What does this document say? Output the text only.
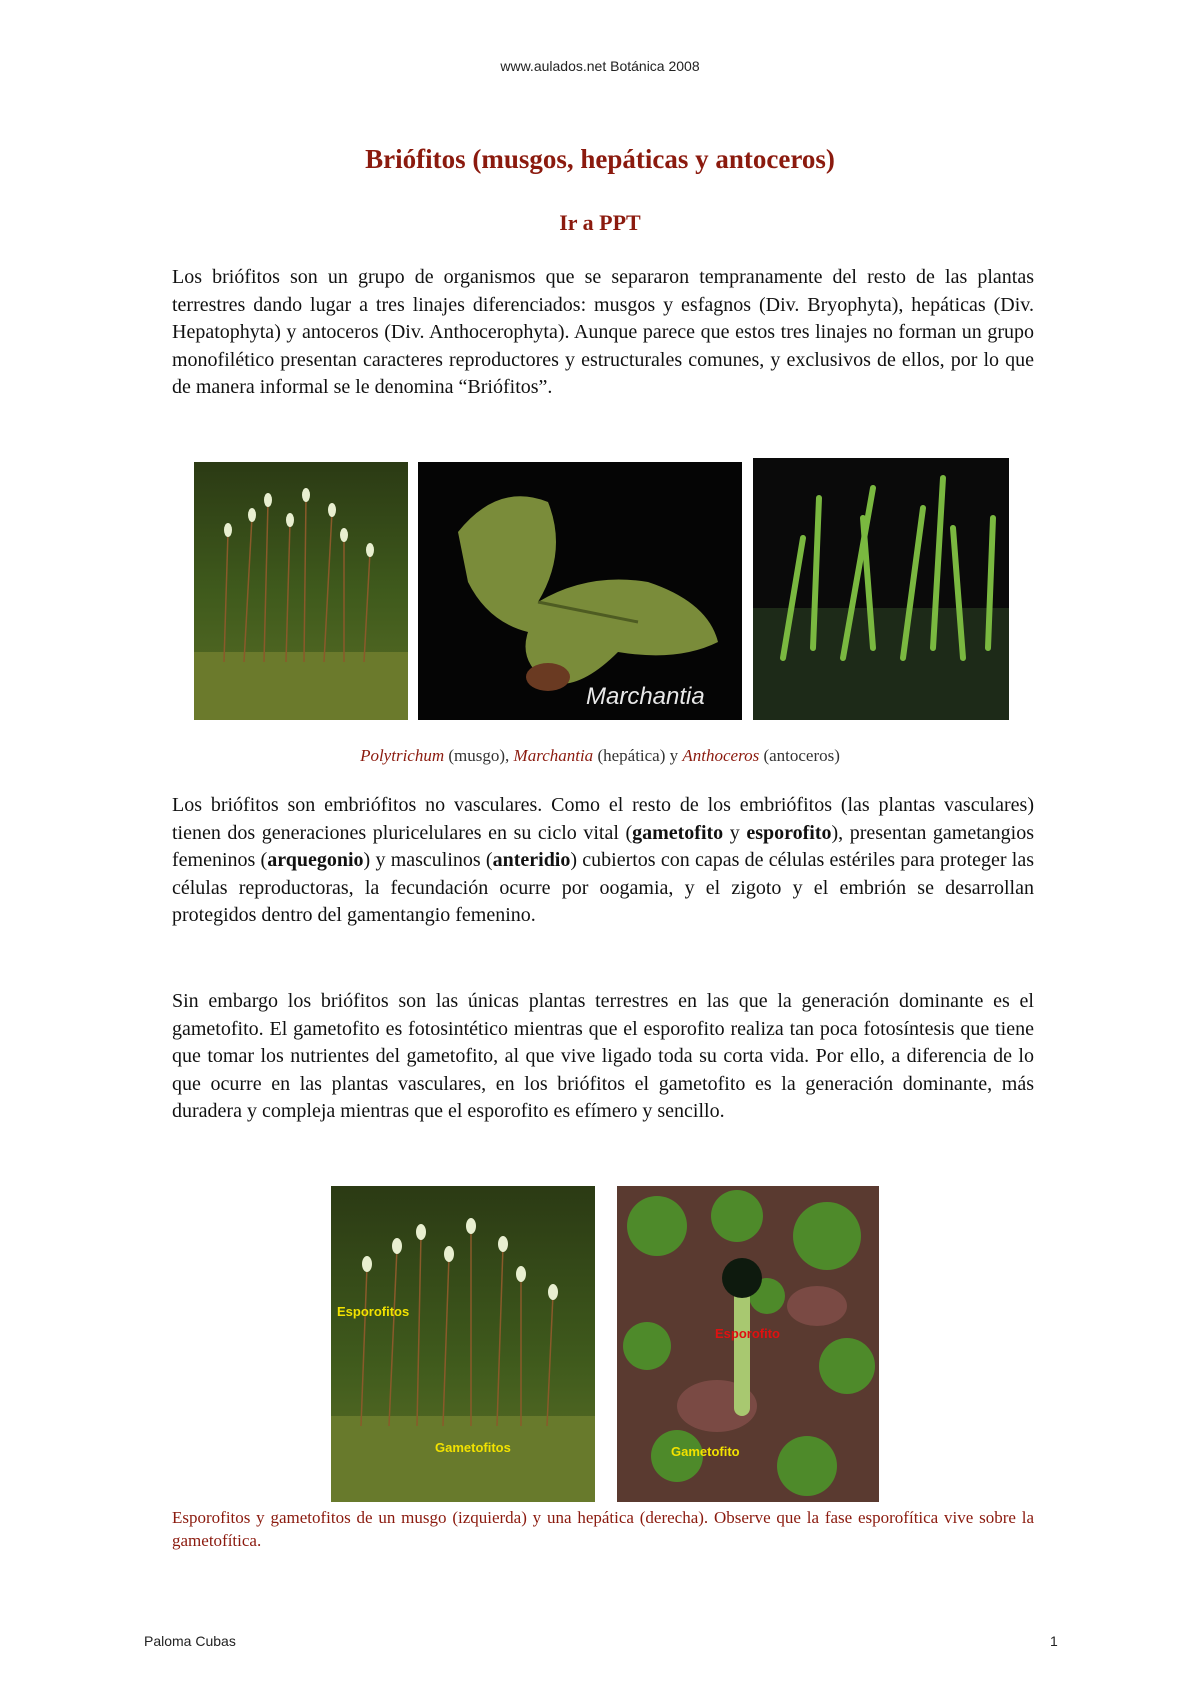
www.aulados.net Botánica 2008
Briófitos (musgos, hepáticas y antoceros)
Ir a PPT

Los briófitos son un grupo de organismos que se separaron tempranamente del resto de las plantas terrestres dando lugar a tres linajes diferenciados: musgos y esfagnos (Div. Bryophyta), hepáticas (Div. Hepatophyta) y antoceros (Div. Anthocerophyta). Aunque parece que estos tres linajes no forman un grupo monofilético presentan caracteres reproductores y estructurales comunes, y exclusivos de ellos, por lo que de manera informal se le denomina “Briófitos”.

Marchantia
Polytrichum (musgo), Marchantia (hepática) y Anthoceros (antoceros)

Los briófitos son embriófitos no vasculares. Como el resto de los embriófitos (las plantas vasculares) tienen dos generaciones pluricelulares en su ciclo vital (gametofito y esporofito), presentan gametangios femeninos (arquegonio) y masculinos (anteridio) cubiertos con capas de células estériles para proteger las células reproductoras, la fecundación ocurre por oogamia, y el zigoto y el embrión se desarrollan protegidos dentro del gamentangio femenino.

Sin embargo los briófitos son las únicas plantas terrestres en las que la generación dominante es el gametofito. El gametofito es fotosintético mientras que el esporofito realiza tan poca fotosíntesis que tiene que tomar los nutrientes del gametofito, al que vive ligado toda su corta vida. Por ello, a diferencia de lo que ocurre en las plantas vasculares, en los briófitos el gametofito es la generación dominante, más duradera y compleja mientras que el esporofito es efímero y sencillo.

Esporofitos
Gametofitos
Esporofito
Gametofito
Esporofitos y gametofitos de un musgo (izquierda) y una hepática (derecha). Observe que la fase esporofítica vive sobre la gametofítica.
Paloma Cubas	1
